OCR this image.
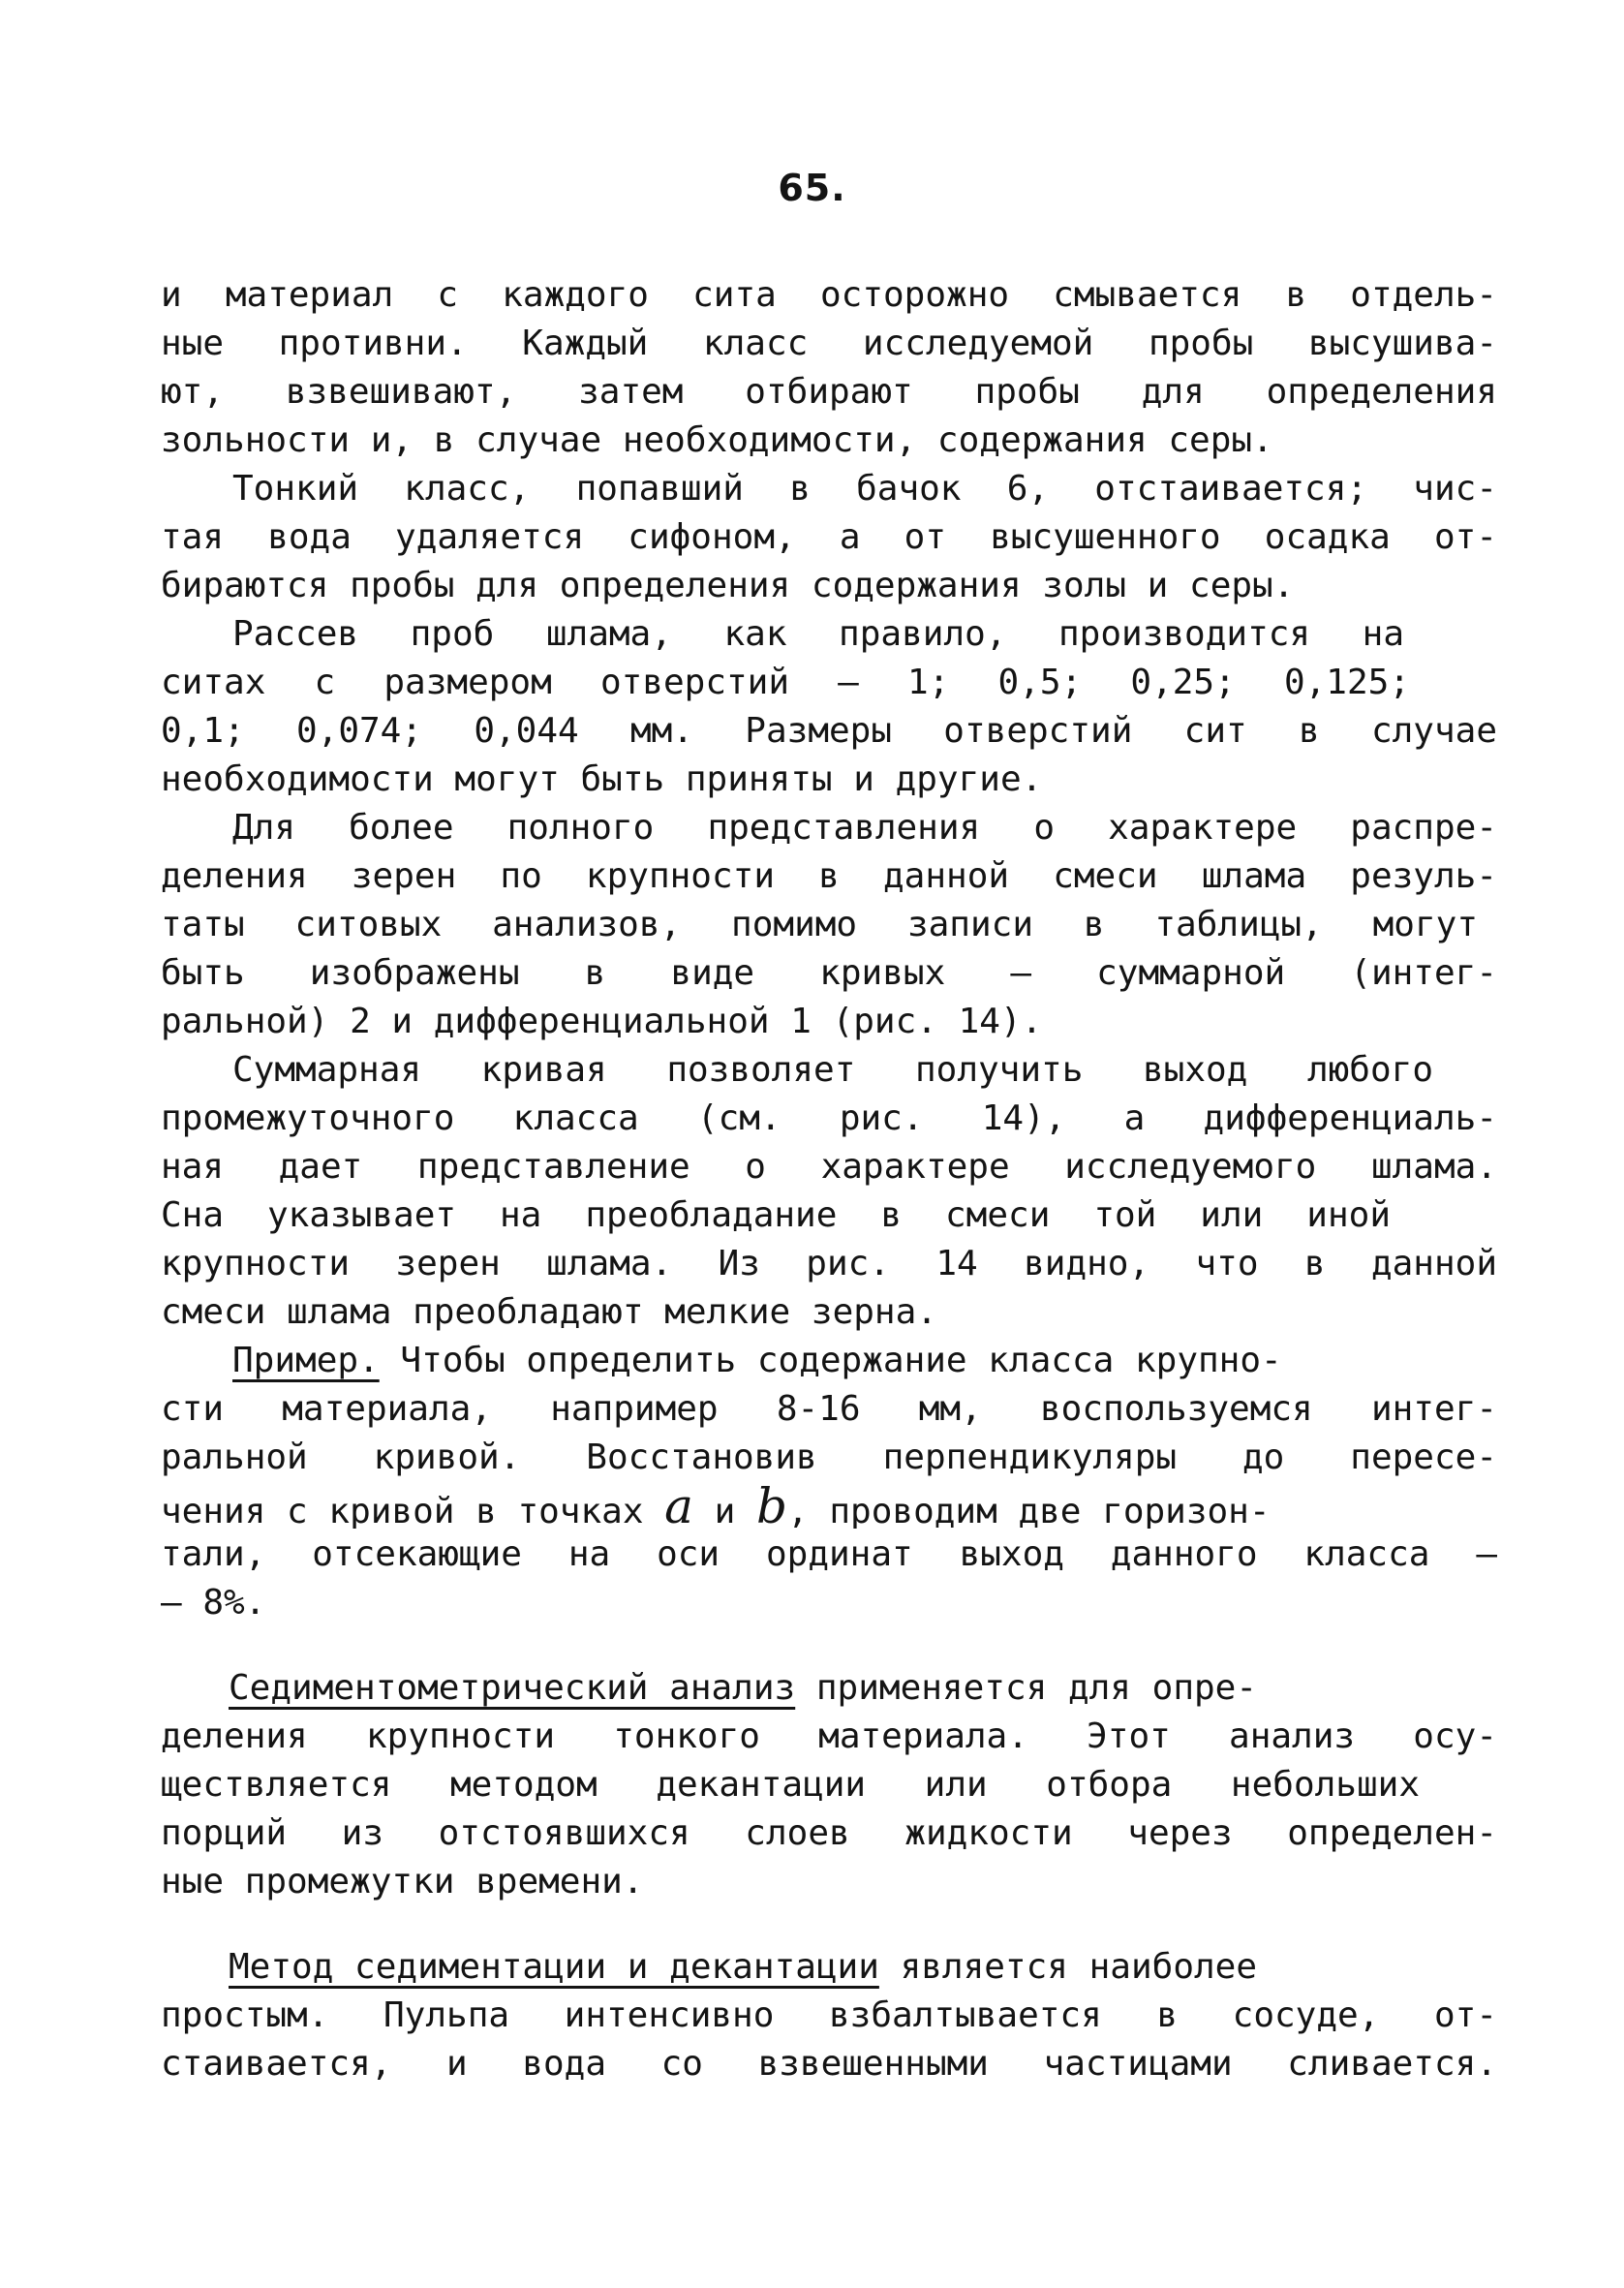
65.
и материал с каждого сита осторожно смывается в отдель-
ные противни. Каждый класс исследуемой пробы высушива-
ют, взвешивают, затем отбирают пробы для определения
зольности и, в случае необходимости, содержания серы.
Тонкий класс, попавший в бачок 6, отстаивается; чис-
тая вода удаляется сифоном, а от высушенного осадка от-
бираются пробы для определения содержания золы и серы.
Рассев проб шлама, как правило, производится на
ситах с размером отверстий – 1; 0,5; 0,25; 0,125;
0,1; 0,074; 0,044 мм. Размеры отверстий сит в случае
необходимости могут быть приняты и другие.
Для более полного представления о характере распре-
деления зерен по крупности в данной смеси шлама резуль-
таты ситовых анализов, помимо записи в таблицы, могут
быть изображены в виде кривых – суммарной (интег-
ральной) 2 и дифференциальной 1 (рис. 14).
Суммарная кривая позволяет получить выход любого
промежуточного класса (см. рис. 14), а дифференциаль-
ная дает представление о характере исследуемого шлама.
Сна указывает на преобладание в смеси той или иной
крупности зерен шлама. Из рис. 14 видно, что в данной
смеси шлама преобладают мелкие зерна.
Пример. Чтобы определить содержание класса крупно-
сти материала, например 8-16 мм, воспользуемся интег-
ральной кривой. Восстановив перпендикуляры до пересе-
чения с кривой в точках a и b, проводим две горизон-
тали, отсекающие на оси ординат выход данного класса –
– 8%.
Седиментометрический анализ применяется для опре-
деления крупности тонкого материала. Этот анализ осу-
ществляется методом декантации или отбора небольших
порций из отстоявшихся слоев жидкости через определен-
ные промежутки времени.
Метод седиментации и декантации является наиболее
простым. Пульпа интенсивно взбалтывается в сосуде, от-
стаивается, и вода со взвешенными частицами сливается.
